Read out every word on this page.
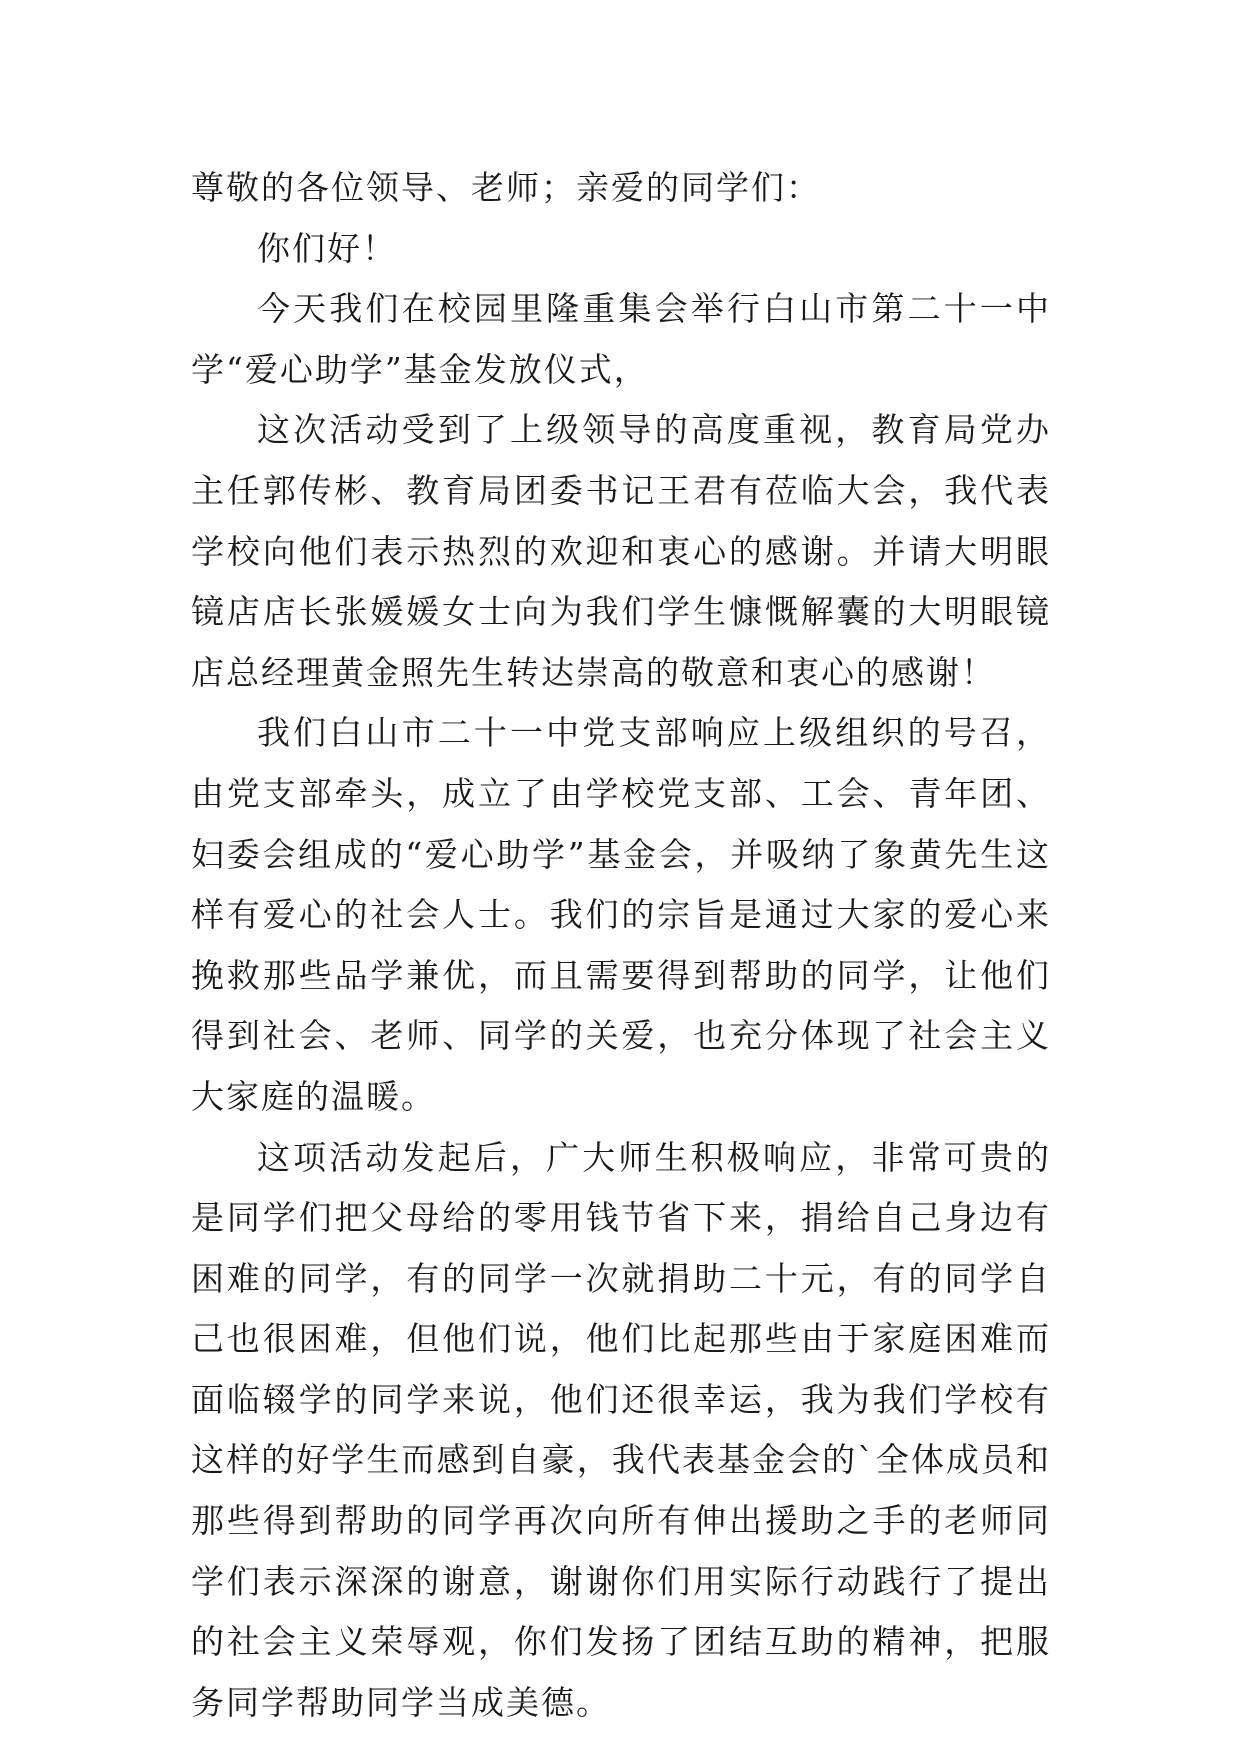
尊敬的各位领导、老师；亲爱的同学们：

你们好！

今天我们在校园里隆重集会举行白山市第二十一中学“爱心助学”基金发放仪式，

这次活动受到了上级领导的高度重视，教育局党办主任郭传彬、教育局团委书记王君有莅临大会，我代表学校向他们表示热烈的欢迎和衷心的感谢。并请大明眼镜店店长张媛媛女士向为我们学生慷慨解囊的大明眼镜店总经理黄金照先生转达崇高的敬意和衷心的感谢！

我们白山市二十一中党支部响应上级组织的号召，由党支部牵头，成立了由学校党支部、工会、青年团、妇委会组成的“爱心助学”基金会，并吸纳了象黄先生这样有爱心的社会人士。我们的宗旨是通过大家的爱心来挽救那些品学兼优，而且需要得到帮助的同学，让他们得到社会、老师、同学的关爱，也充分体现了社会主义大家庭的温暖。

这项活动发起后，广大师生积极响应，非常可贵的是同学们把父母给的零用钱节省下来，捐给自己身边有困难的同学，有的同学一次就捐助二十元，有的同学自己也很困难，但他们说，他们比起那些由于家庭困难而面临辍学的同学来说，他们还很幸运，我为我们学校有这样的好学生而感到自豪，我代表基金会的`全体成员和那些得到帮助的同学再次向所有伸出援助之手的老师同学们表示深深的谢意，谢谢你们用实际行动践行了提出的社会主义荣辱观，你们发扬了团结互助的精神，把服务同学帮助同学当成美德。
